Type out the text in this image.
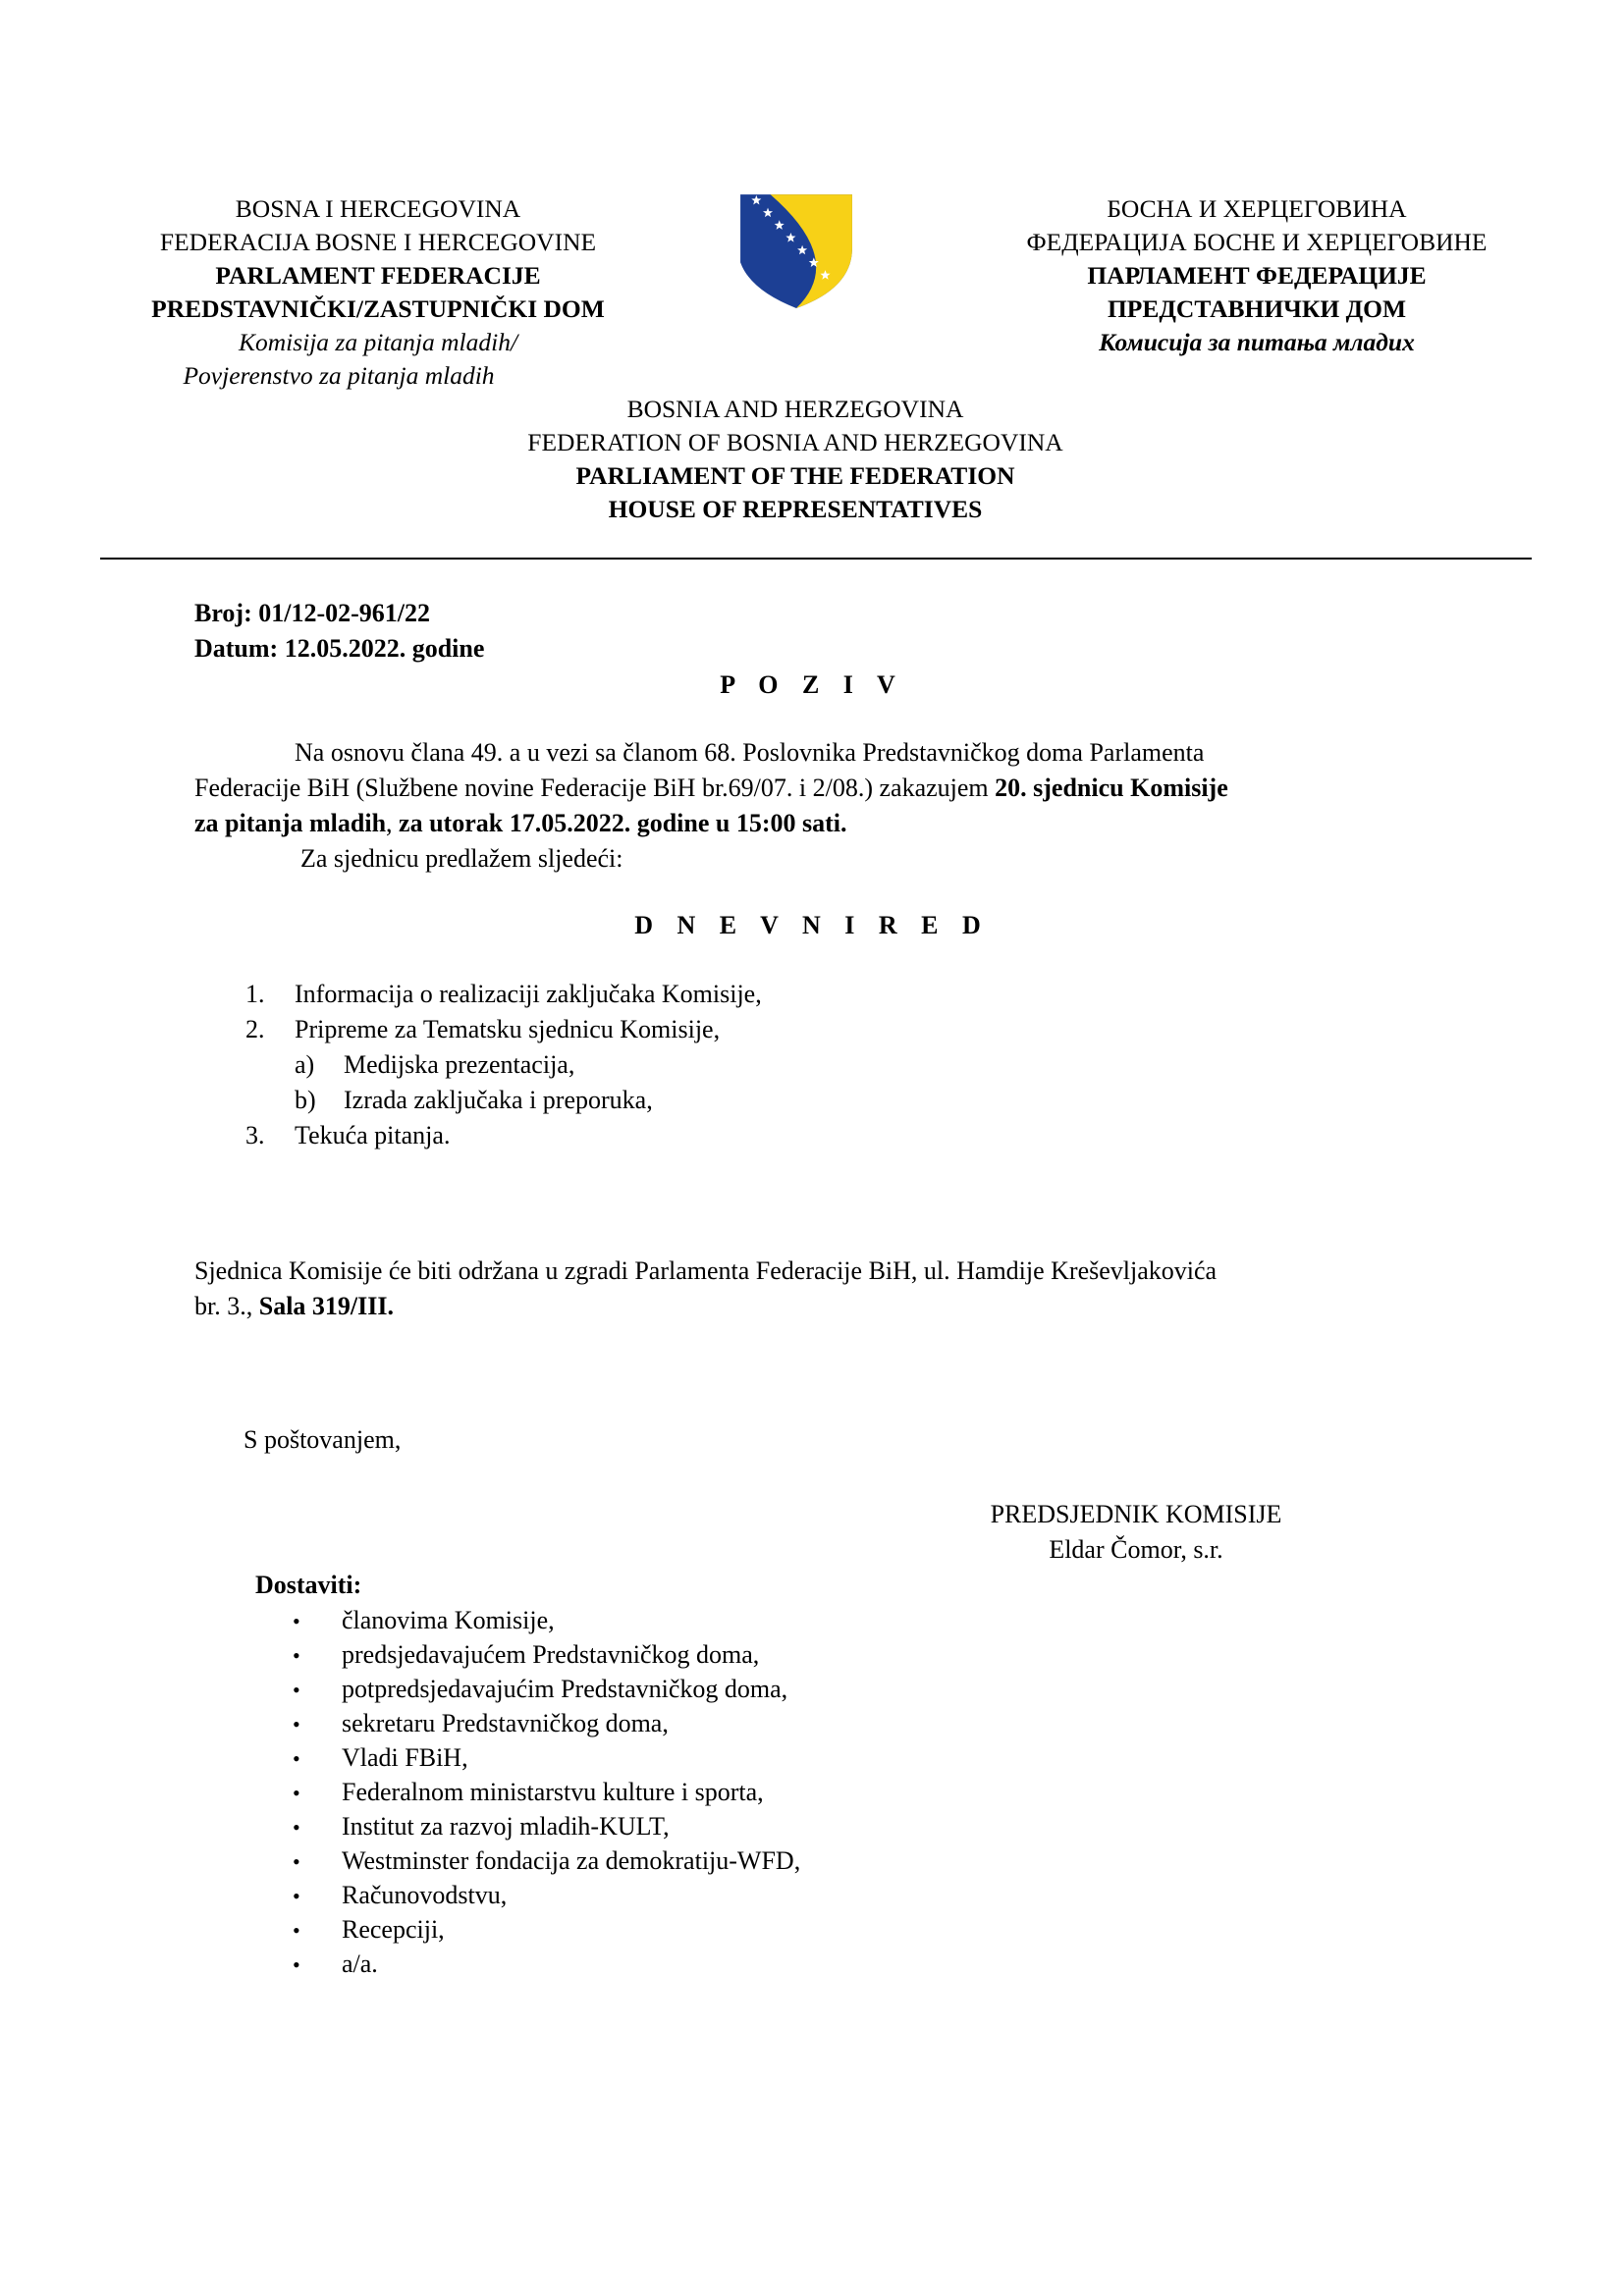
BOSNA I HERCEGOVINA
FEDERACIJA BOSNE I HERCEGOVINE
PARLAMENT FEDERACIJE
PREDSTAVNIČKI/ZASTUPNIČKI DOM
Komisija za pitanja mladih/
Povjerenstvo za pitanja mladih
БОСНА И ХЕРЦЕГОВИНА
ФЕДЕРАЦИЈА БОСНЕ И ХЕРЦЕГОВИНЕ
ПАРЛАМЕНТ ФЕДЕРАЦИЈЕ
ПРЕДСТАВНИЧКИ ДОМ
Комисија за питања младих
BOSNIA AND HERZEGOVINA
FEDERATION OF BOSNIA AND HERZEGOVINA
PARLIAMENT OF THE FEDERATION
HOUSE OF REPRESENTATIVES
Broj: 01/12-02-961/22
Datum: 12.05.2022. godine
P O Z I V
Na osnovu člana 49. a u vezi sa članom 68. Poslovnika Predstavničkog doma Parlamenta
Federacije BiH (Službene novine Federacije BiH br.69/07. i 2/08.) zakazujem 20. sjednicu Komisije
za pitanja mladih, za utorak 17.05.2022. godine u 15:00 sati.
Za sjednicu predlažem sljedeći:
D N E V N I R E D
1. Informacija o realizaciji zaključaka Komisije,
2. Pripreme za Tematsku sjednicu Komisije,
a) Medijska prezentacija,
b) Izrada zaključaka i preporuka,
3. Tekuća pitanja.
Sjednica Komisije će biti održana u zgradi Parlamenta Federacije BiH, ul. Hamdije Kreševljakovića
br. 3., Sala 319/III.
S poštovanjem,
PREDSJEDNIK KOMISIJE
Eldar Čomor, s.r.
Dostaviti:
• članovima Komisije,
• predsjedavajućem Predstavničkog doma,
• potpredsjedavajućim Predstavničkog doma,
• sekretaru Predstavničkog doma,
• Vladi FBiH,
• Federalnom ministarstvu kulture i sporta,
• Institut za razvoj mladih-KULT,
• Westminster fondacija za demokratiju-WFD,
• Računovodstvu,
• Recepciji,
• a/a.
